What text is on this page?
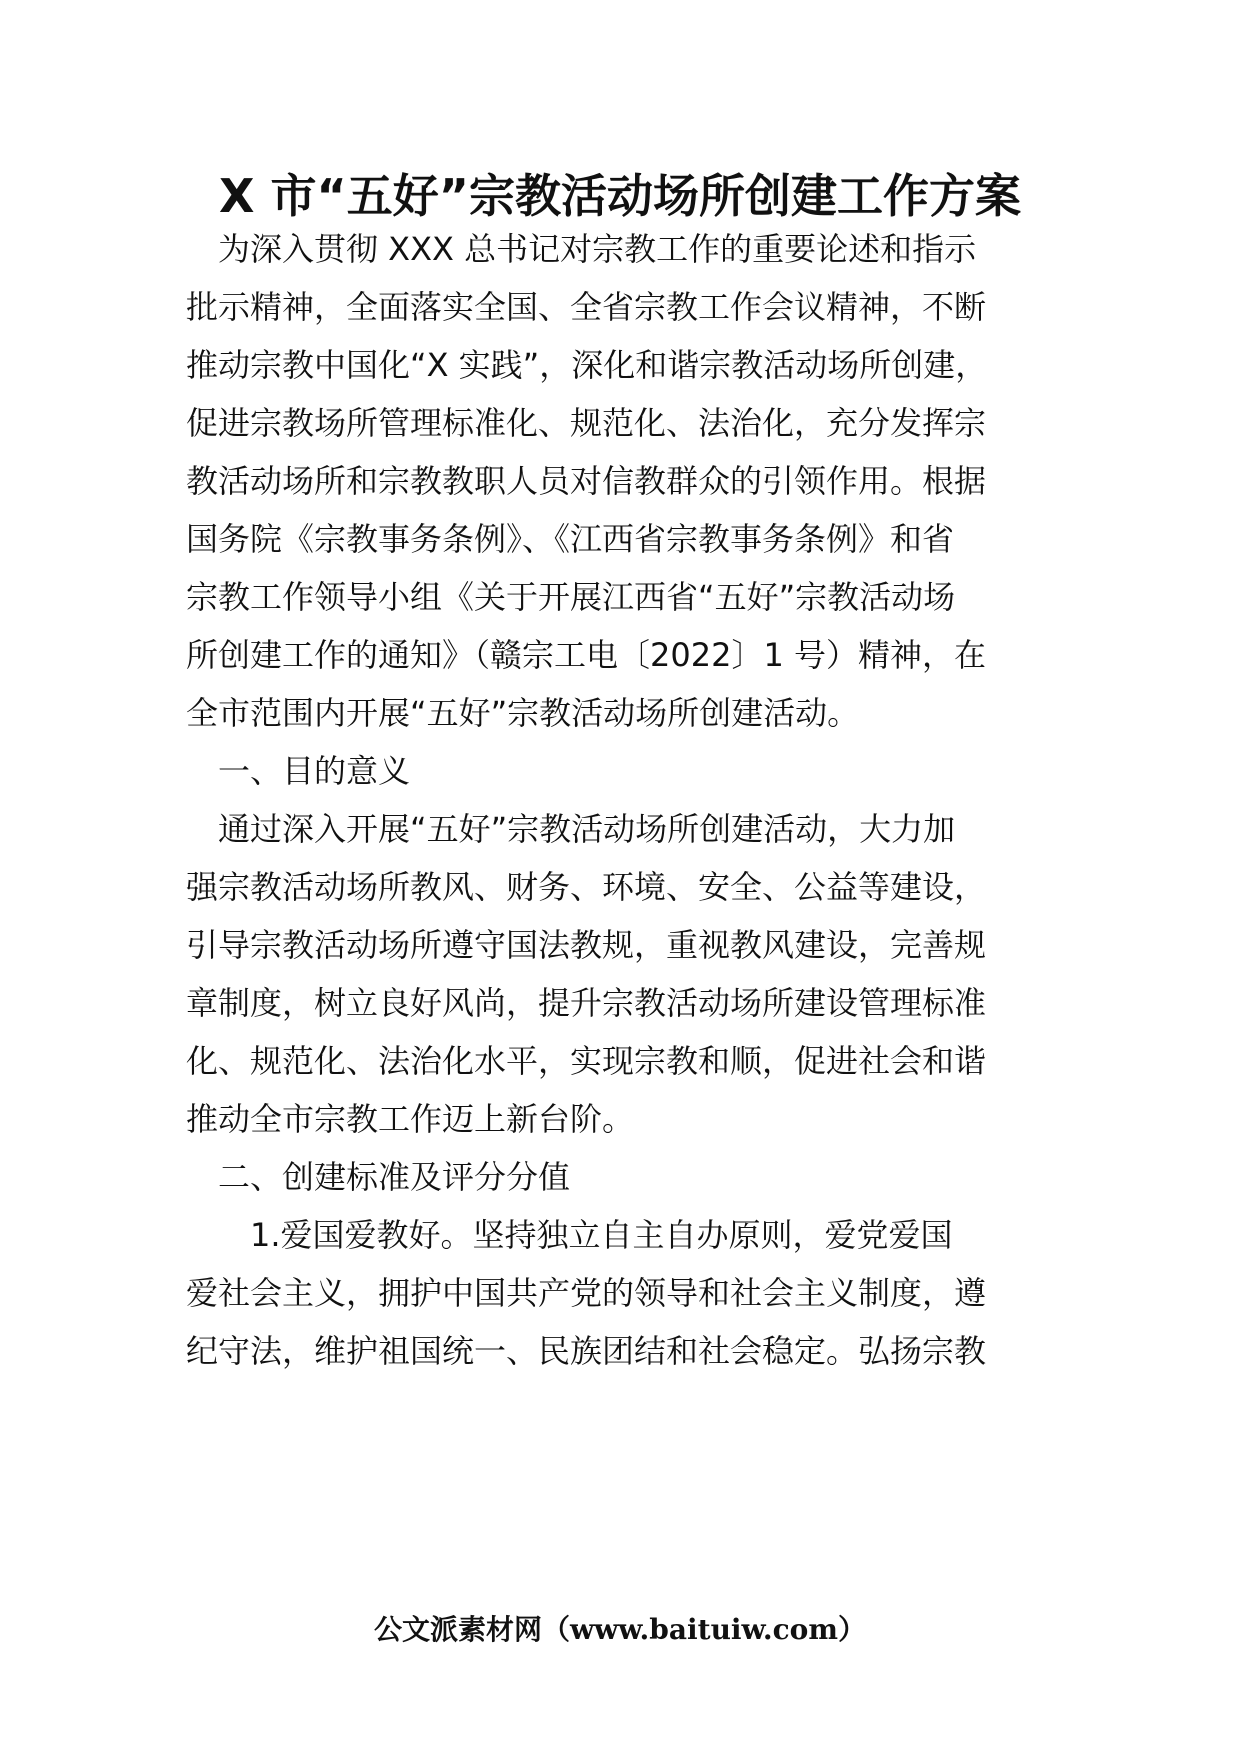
X 市“五好”宗教活动场所创建工作方案
　为深入贯彻 XXX 总书记对宗教工作的重要论述和指示
批示精神，全面落实全国、全省宗教工作会议精神，不断
推动宗教中国化“X 实践”，深化和谐宗教活动场所创建，
促进宗教场所管理标准化、规范化、法治化，充分发挥宗
教活动场所和宗教教职人员对信教群众的引领作用。根据
国务院《宗教事务条例》、《江西省宗教事务条例》和省
宗教工作领导小组《关于开展江西省“五好”宗教活动场
所创建工作的通知》（赣宗工电〔2022〕1 号）精神，在
全市范围内开展“五好”宗教活动场所创建活动。
　一、目的意义
　通过深入开展“五好”宗教活动场所创建活动，大力加
强宗教活动场所教风、财务、环境、安全、公益等建设，
引导宗教活动场所遵守国法教规，重视教风建设，完善规
章制度，树立良好风尚，提升宗教活动场所建设管理标准
化、规范化、法治化水平，实现宗教和顺，促进社会和谐
推动全市宗教工作迈上新台阶。
　二、创建标准及评分分值
　　1.爱国爱教好。坚持独立自主自办原则，爱党爱国
爱社会主义，拥护中国共产党的领导和社会主义制度，遵
纪守法，维护祖国统一、民族团结和社会稳定。弘扬宗教
公文派素材网（www.baituiw.com）
